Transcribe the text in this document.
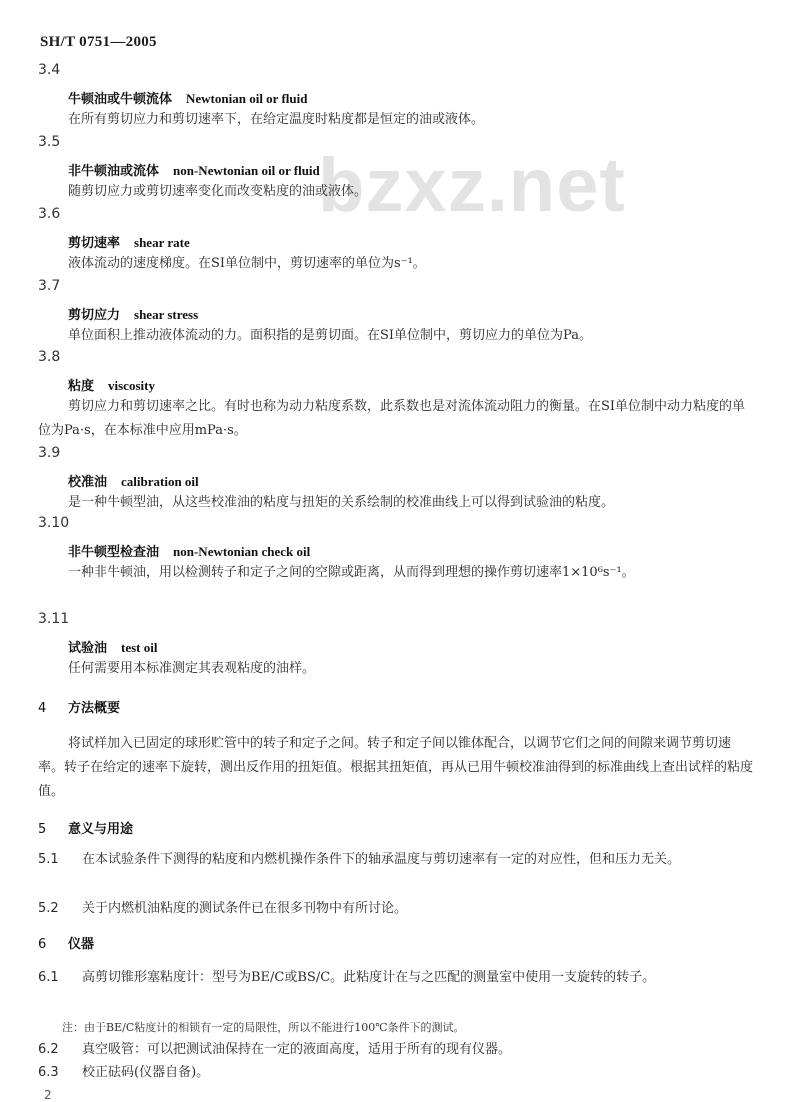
SH/T 0751—2005
bzxz.net
3.4
牛顿油或牛顿流体 Newtonian oil or fluid
在所有剪切应力和剪切速率下，在给定温度时粘度都是恒定的油或液体。
3.5
非牛顿油或流体 non-Newtonian oil or fluid
随剪切应力或剪切速率变化而改变粘度的油或液体。
3.6
剪切速率 shear rate
液体流动的速度梯度。在SI单位制中，剪切速率的单位为s⁻¹。
3.7
剪切应力 shear stress
单位面积上推动液体流动的力。面积指的是剪切面。在SI单位制中，剪切应力的单位为Pa。
3.8
粘度 viscosity
剪切应力和剪切速率之比。有时也称为动力粘度系数，此系数也是对流体流动阻力的衡量。在SI单位制中动力粘度的单位为Pa·s，在本标准中应用mPa·s。
3.9
校准油 calibration oil
是一种牛顿型油，从这些校准油的粘度与扭矩的关系绘制的校准曲线上可以得到试验油的粘度。
3.10
非牛顿型检查油 non-Newtonian check oil
一种非牛顿油，用以检测转子和定子之间的空隙或距离，从而得到理想的操作剪切速率1×10⁶s⁻¹。
3.11
试验油 test oil
任何需要用本标准测定其表观粘度的油样。
4 方法概要
将试样加入已固定的球形贮管中的转子和定子之间。转子和定子间以锥体配合，以调节它们之间的间隙来调节剪切速率。转子在给定的速率下旋转，测出反作用的扭矩值。根据其扭矩值，再从已用牛顿校准油得到的标准曲线上查出试样的粘度值。
5 意义与用途
5.1 在本试验条件下测得的粘度和内燃机操作条件下的轴承温度与剪切速率有一定的对应性，但和压力无关。
5.2 关于内燃机油粘度的测试条件已在很多刊物中有所讨论。
6 仪器
6.1 高剪切锥形塞粘度计：型号为BE/C或BS/C。此粘度计在与之匹配的测量室中使用一支旋转的转子。
注：由于BE/C粘度计的相锁有一定的局限性，所以不能进行100℃条件下的测试。
6.2 真空吸管：可以把测试油保持在一定的液面高度，适用于所有的现有仪器。
6.3 校正砝码(仪器自备)。
2
